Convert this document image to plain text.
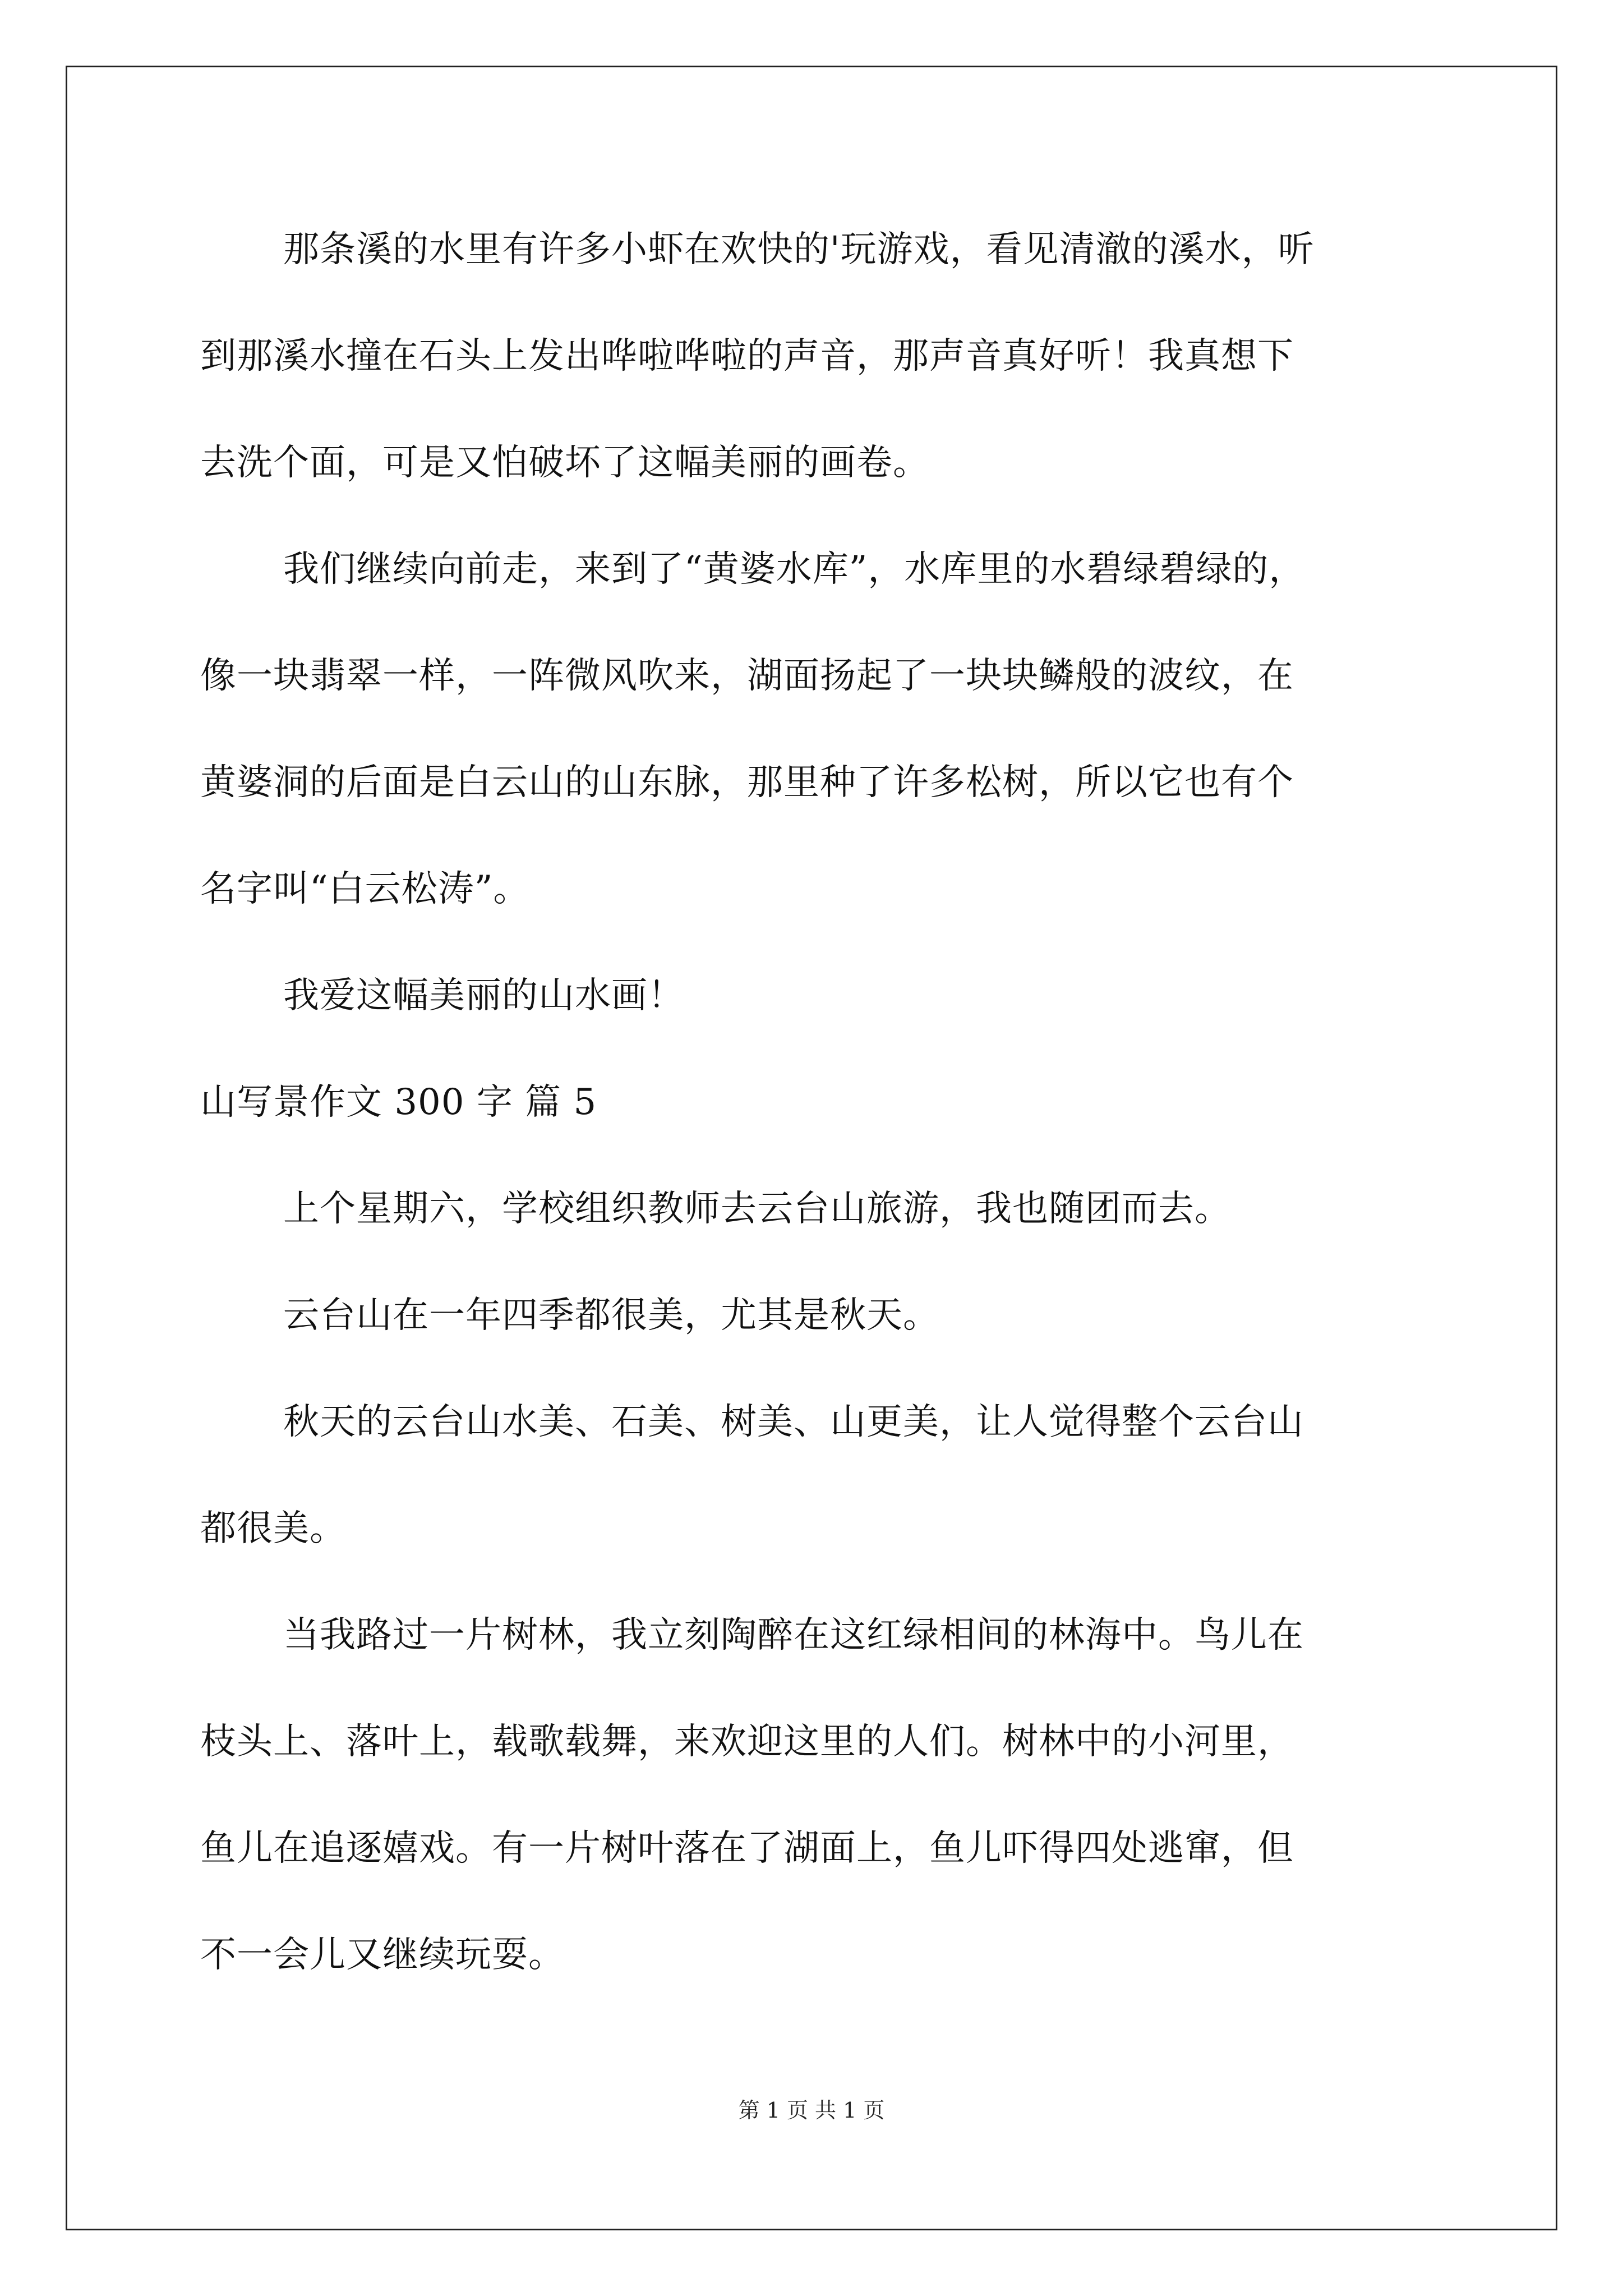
那条溪的水里有许多小虾在欢快的'玩游戏，看见清澈的溪水，听
到那溪水撞在石头上发出哗啦哗啦的声音，那声音真好听！我真想下
去洗个面，可是又怕破坏了这幅美丽的画卷。
我们继续向前走，来到了“黄婆水库”，水库里的水碧绿碧绿的，
像一块翡翠一样，一阵微风吹来，湖面扬起了一块块鳞般的波纹，在
黄婆洞的后面是白云山的山东脉，那里种了许多松树，所以它也有个
名字叫“白云松涛”。
我爱这幅美丽的山水画！
山写景作文 300 字 篇 5
上个星期六，学校组织教师去云台山旅游，我也随团而去。
云台山在一年四季都很美，尤其是秋天。
秋天的云台山水美、石美、树美、山更美，让人觉得整个云台山
都很美。
当我路过一片树林，我立刻陶醉在这红绿相间的林海中。鸟儿在
枝头上、落叶上，载歌载舞，来欢迎这里的人们。树林中的小河里，
鱼儿在追逐嬉戏。有一片树叶落在了湖面上，鱼儿吓得四处逃窜，但
不一会儿又继续玩耍。
第 1 页 共 1 页
